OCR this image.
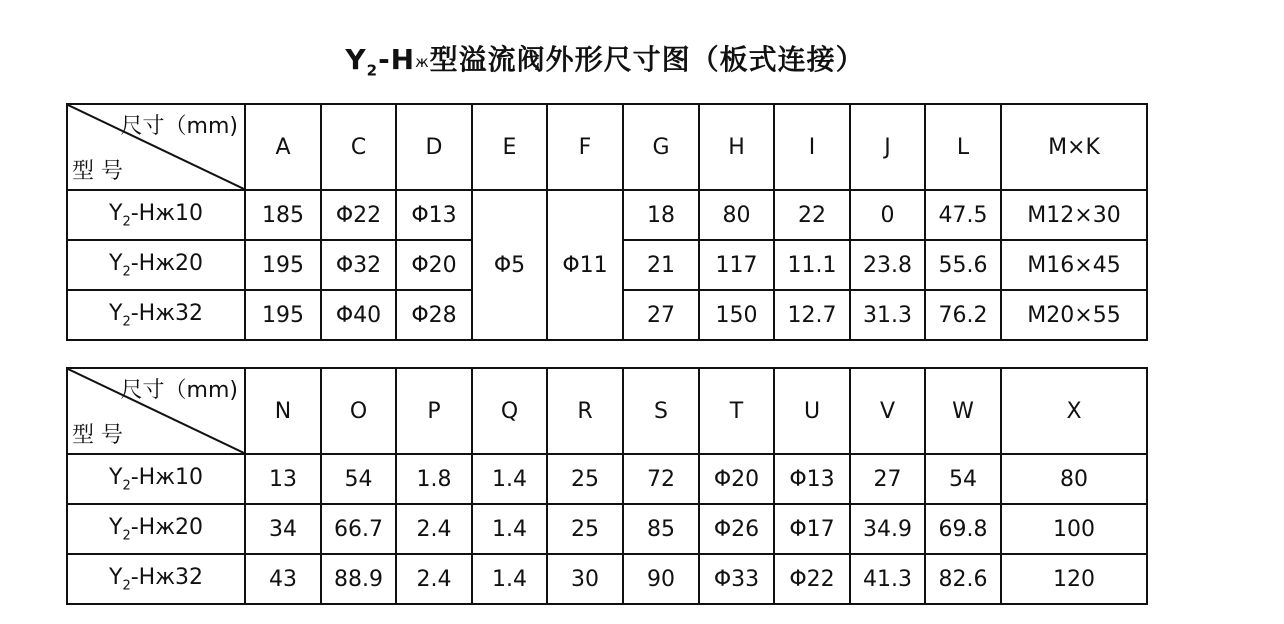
$Y_2-Hж$型溢流阀外形尺寸图（板式连接）
尺寸（mm)
型 号	A	C	D	E	F	G	H	I	J	L	M×K
$Y_2-Hж10$	185	Φ22	Φ13	Φ5	Φ11	18	80	22	0	47.5	M12×30
$Y_2-Hж20$	195	Φ32	Φ20			21	117	11.1	23.8	55.6	M16×45
$Y_2-Hж32$	195	Φ40	Φ28			27	150	12.7	31.3	76.2	M20×55
尺寸（mm)
型 号	N	O	P	Q	R	S	T	U	V	W	X
$Y_2-Hж10$	13	54	1.8	1.4	25	72	Φ20	Φ13	27	54	80
$Y_2-Hж20$	34	66.7	2.4	1.4	25	85	Φ26	Φ17	34.9	69.8	100
$Y_2-Hж32$	43	88.9	2.4	1.4	30	90	Φ33	Φ22	41.3	82.6	120
